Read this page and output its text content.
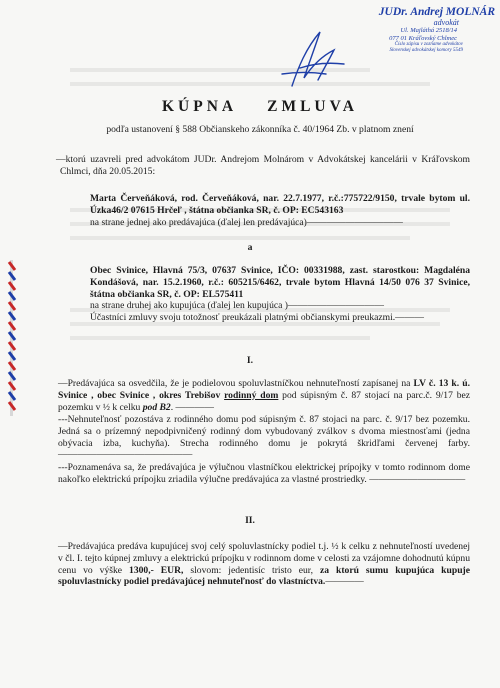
JUDr. Andrej MOLNÁR
advokát
Ul. Majláthá 2518/14
077 01 Kráľovský Chlmec
Číslo zápisu v zozname advokátov
Slovenskej advokátskej komory 5549
KÚPNA ZMLUVA
podľa ustanovení § 588 Občianskeho zákonníka č. 40/1964 Zb. v platnom znení
—ktorú uzavreli pred advokátom JUDr. Andrejom Molnárom v Advokátskej kancelárii v Kráľovskom Chlmci, dňa 20.05.2015:
Marta Červeňáková, rod. Červeňáková, nar. 22.7.1977, r.č.:775722/9150, trvale bytom ul. Úzka46/2 07615 Hrčeľ , štátna občianka SR, č. OP: EC543163
na strane jednej ako predávajúca (ďalej len predávajúca)——————————
a
Obec Svinice, Hlavná 75/3, 07637 Svinice, IČO: 00331988, zast. starostkou: Magdaléna Kondášová, nar. 15.2.1960, r.č.: 605215/6462, trvale bytom Hlavná 14/50 076 37 Svinice, štátna občianka SR, č. OP: EL575411
na strane druhej ako kupujúca (ďalej len kupujúca )——————————
Účastníci zmluvy svoju totožnosť preukázali platnými občianskymi preukazmi.———
I.
—Predávajúca sa osvedčila, že je podielovou spoluvlastníčkou nehnuteľností zapísanej na LV č. 13 k. ú. Svinice , obec Svinice , okres Trebišov rodinný dom pod súpisným č. 87 stojací na parc.č. 9/17 bez pozemku v ½ k celku pod B2. ————
---Nehnuteľnosť pozostáva z rodinného domu pod súpisným č. 87 stojaci na parc. č. 9/17 bez pozemku. Jedná sa o prízemný nepodpivničený rodinný dom vybudovaný zválkov s dvoma miestnosťami (jedna obývacia izba, kuchyňa). Strecha rodinného domu je pokrytá škridľami červenej farby. ——————————————
---Poznamenáva sa, že predávajúca je výlučnou vlastníčkou elektrickej prípojky v tomto rodinnom dome nakoľko elektrickú prípojku zriadila výlučne predávajúca za vlastné prostriedky. ——————————
II.
—Predávajúca predáva kupujúcej svoj celý spoluvlastnícky podiel t.j. ½ k celku z nehnuteľností uvedenej v čl. I. tejto kúpnej zmluvy a elektrickú prípojku v rodinnom dome v celosti za vzájomne dohodnutú kúpnu cenu vo výške 1300,- EUR, slovom: jedentisíc tristo eur, za ktorú sumu kupujúca kupuje spoluvlastnícky podiel predávajúcej nehnuteľnosť do vlastníctva.————
